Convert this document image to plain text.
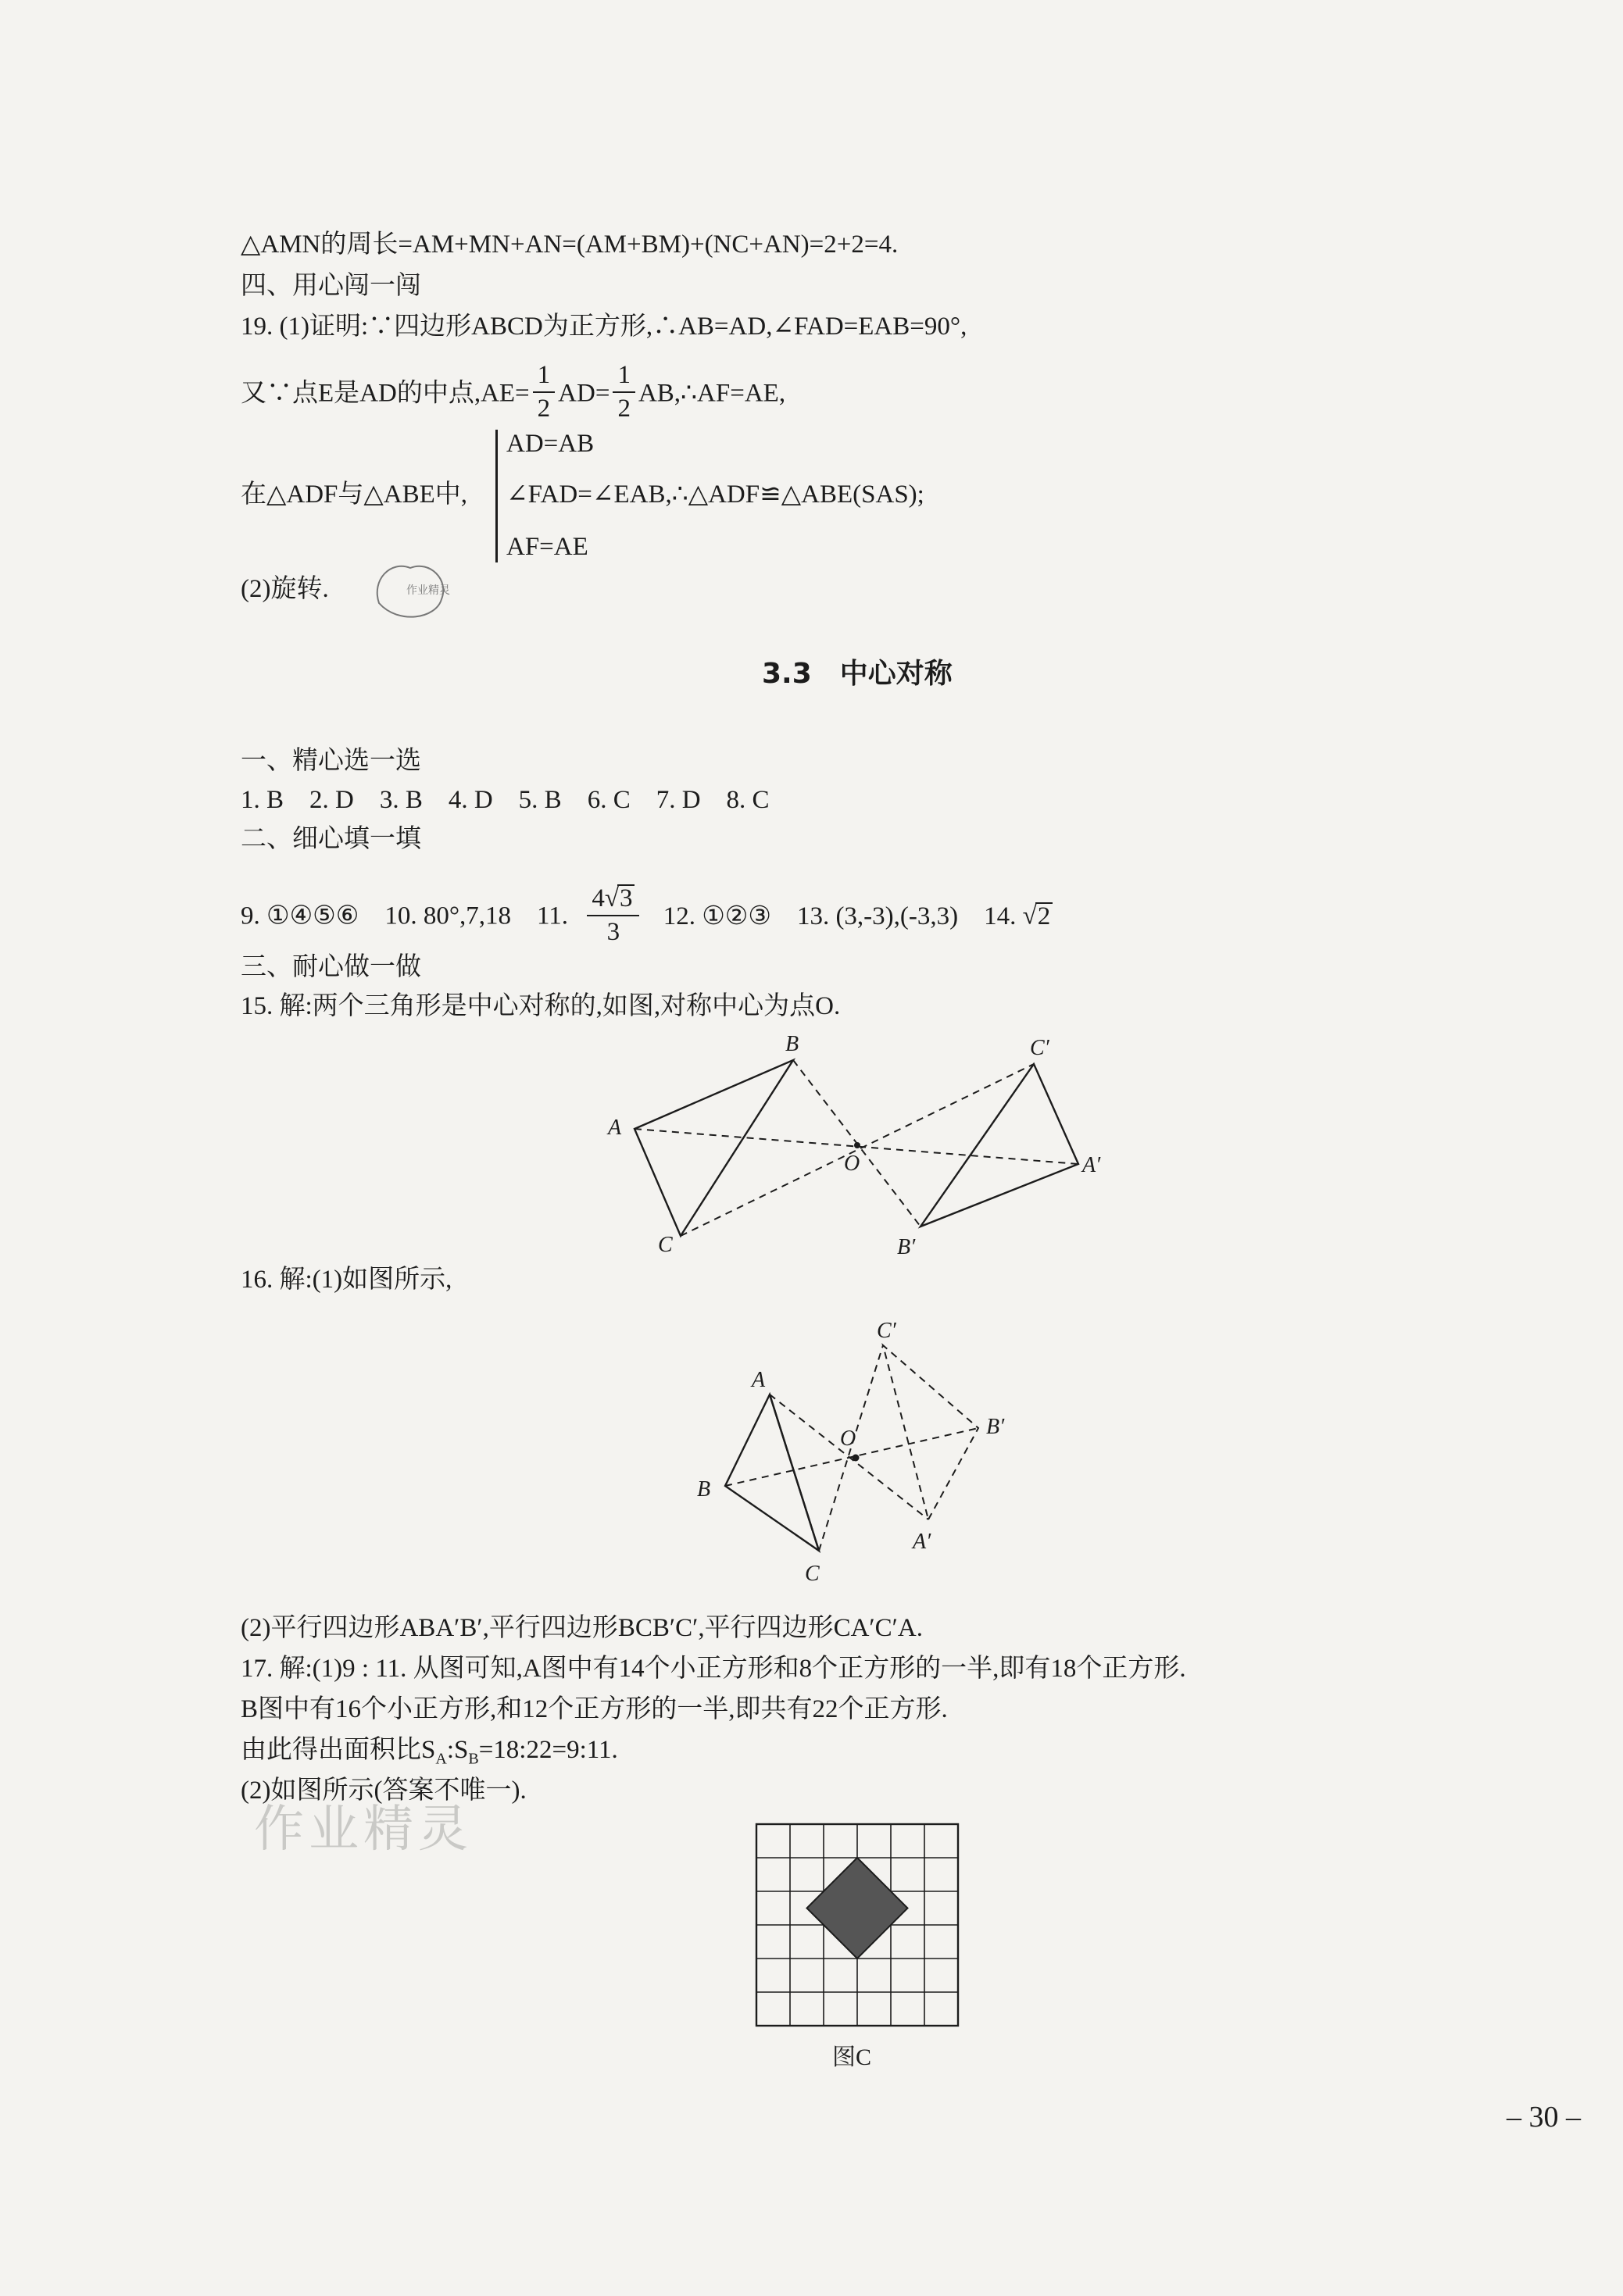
作业精灵
△AMN的周长=AM+MN+AN=(AM+BM)+(NC+AN)=2+2=4.
四、用心闯一闯
19. (1)证明:∵四边形ABCD为正方形,∴AB=AD,∠FAD=EAB=90°,
又∵点E是AD的中点$,AE= \frac{1}{2} AD= \frac{1}{2}$ AB,∴AF=AE,
在△ADF与△ABE中,
AD=AB
∠FAD=∠EAB,∴△ADF≌△ABE(SAS);
AF=AE
(2)旋转.	作业精灵
3.3　中心对称
一、精心选一选
1. B　2. D　3. B　4. D　5. B　6. C　7. D　8. C
二、细心填一填
9. ①④⑤⑥　10. 80°,7,18　11. $\frac{4√3}{3} 12$. ①②③　13. (3,-3),(-3,3)　14. √2
三、耐心做一做
15. 解:两个三角形是中心对称的,如图,对称中心为点O.
A
B
C
O	A′
B′
C′
16. 解:(1)如图所示,
A
B
C
O
A′
B′
C′
(2)平行四边形ABA′B′,平行四边形BCB′C′,平行四边形CA′C′A.
17. 解:(1)9 : 11. 从图可知,A图中有14个小正方形和8个正方形的一半,即有18个正方形.
B图中有16个小正方形,和12个正方形的一半,即共有22个正方形.
由此得出面积比$S_A:S_B=18:22=9:11$.
(2)如图所示(答案不唯一).
图C
– 30 –
